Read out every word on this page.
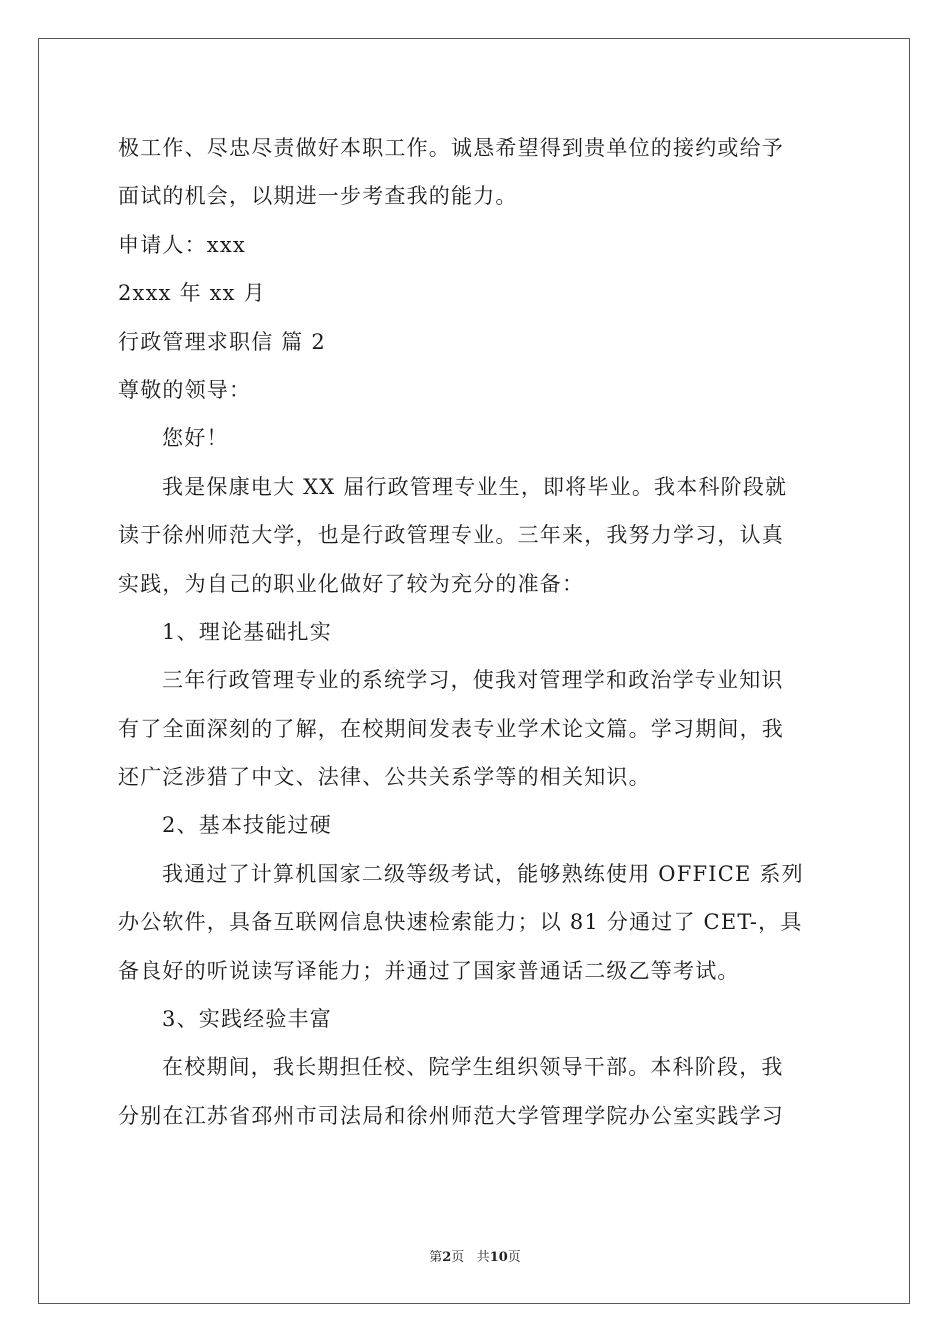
极工作、尽忠尽责做好本职工作。诚恳希望得到贵单位的接约或给予
面试的机会，以期进一步考查我的能力。
申请人：xxx
2xxx 年 xx 月
行政管理求职信 篇 2
尊敬的领导：
您好！
我是保康电大 XX 届行政管理专业生，即将毕业。我本科阶段就
读于徐州师范大学，也是行政管理专业。三年来，我努力学习，认真
实践，为自己的职业化做好了较为充分的准备：
1、理论基础扎实
三年行政管理专业的系统学习，使我对管理学和政治学专业知识
有了全面深刻的了解，在校期间发表专业学术论文篇。学习期间，我
还广泛涉猎了中文、法律、公共关系学等的相关知识。
2、基本技能过硬
我通过了计算机国家二级等级考试，能够熟练使用 OFFICE 系列
办公软件，具备互联网信息快速检索能力；以 81 分通过了 CET-，具
备良好的听说读写译能力；并通过了国家普通话二级乙等考试。
3、实践经验丰富
在校期间，我长期担任校、院学生组织领导干部。本科阶段，我
分别在江苏省邳州市司法局和徐州师范大学管理学院办公室实践学习
第2页 共10页
